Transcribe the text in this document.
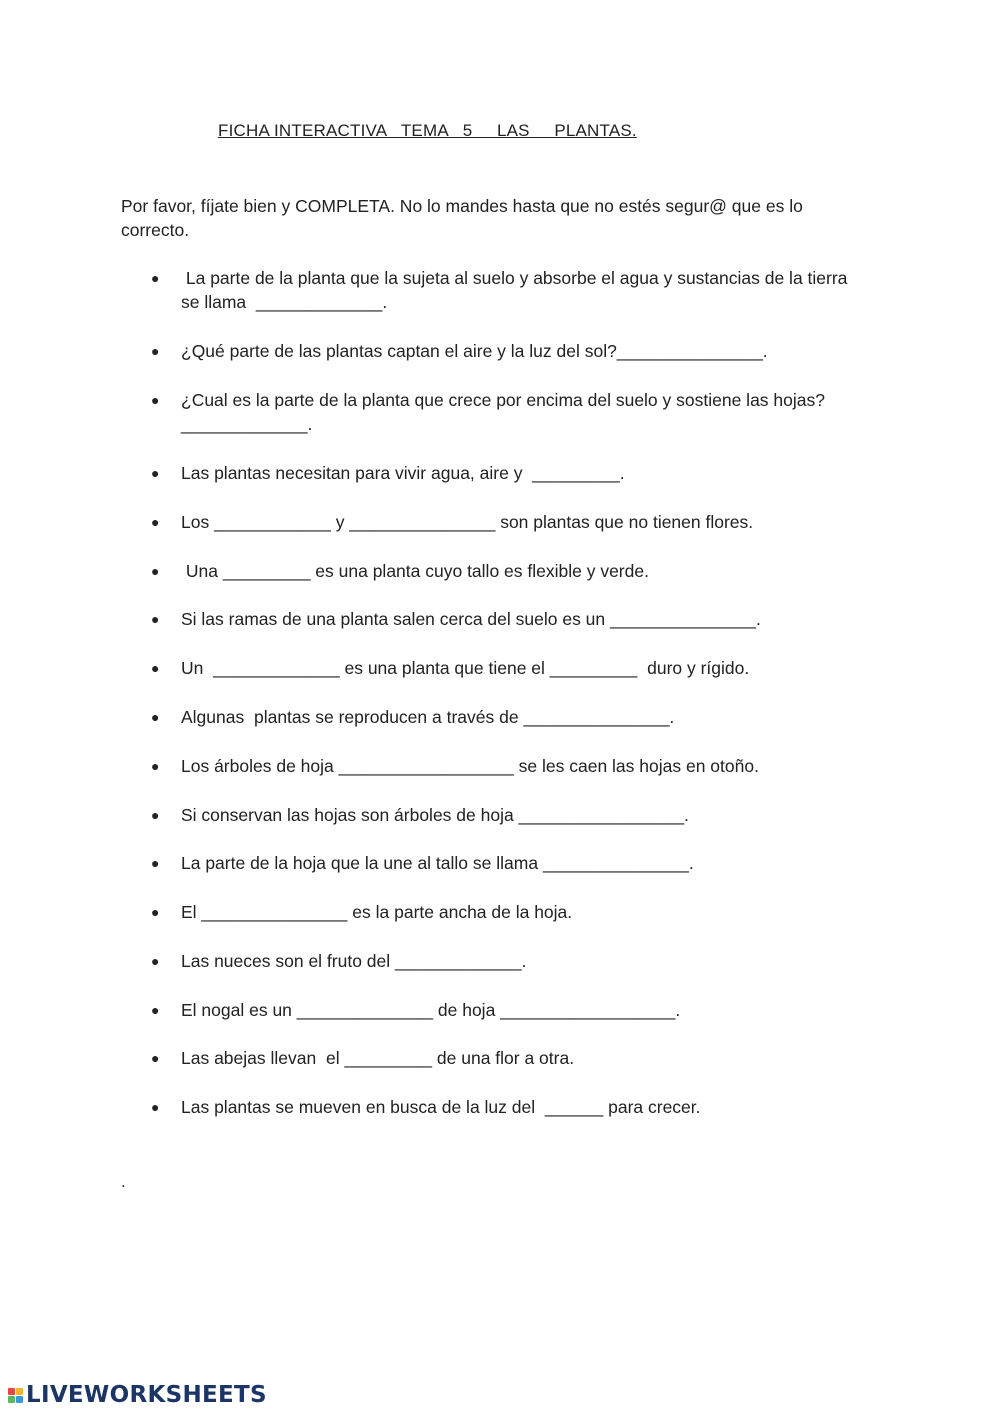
FICHA INTERACTIVA   TEMA   5     LAS     PLANTAS.
Por favor, fíjate bien y COMPLETA. No lo mandes hasta que no estés segur@ que es lo correcto.
● La parte de la planta que la sujeta al suelo y absorbe el agua y sustancias de la tierra se llama  _____________.
● ¿Qué parte de las plantas captan el aire y la luz del sol?_______________.
● ¿Cual es la parte de la planta que crece por encima del suelo y sostiene las hojas?_____________.
● Las plantas necesitan para vivir agua, aire y  _________.
● Los ____________ y _______________ son plantas que no tienen flores.
● Una _________ es una planta cuyo tallo es flexible y verde.
● Si las ramas de una planta salen cerca del suelo es un _______________.
● Un  _____________ es una planta que tiene el _________  duro y rígido.
● Algunas  plantas se reproducen a través de _______________.
● Los árboles de hoja __________________ se les caen las hojas en otoño.
● Si conservan las hojas son árboles de hoja _________________.
● La parte de la hoja que la une al tallo se llama _______________.
● El _______________ es la parte ancha de la hoja.
● Las nueces son el fruto del _____________.
● El nogal es un ______________ de hoja __________________.
● Las abejas llevan  el _________ de una flor a otra.
● Las plantas se mueven en busca de la luz del  ______ para crecer.
.
LIVEWORKSHEETS
